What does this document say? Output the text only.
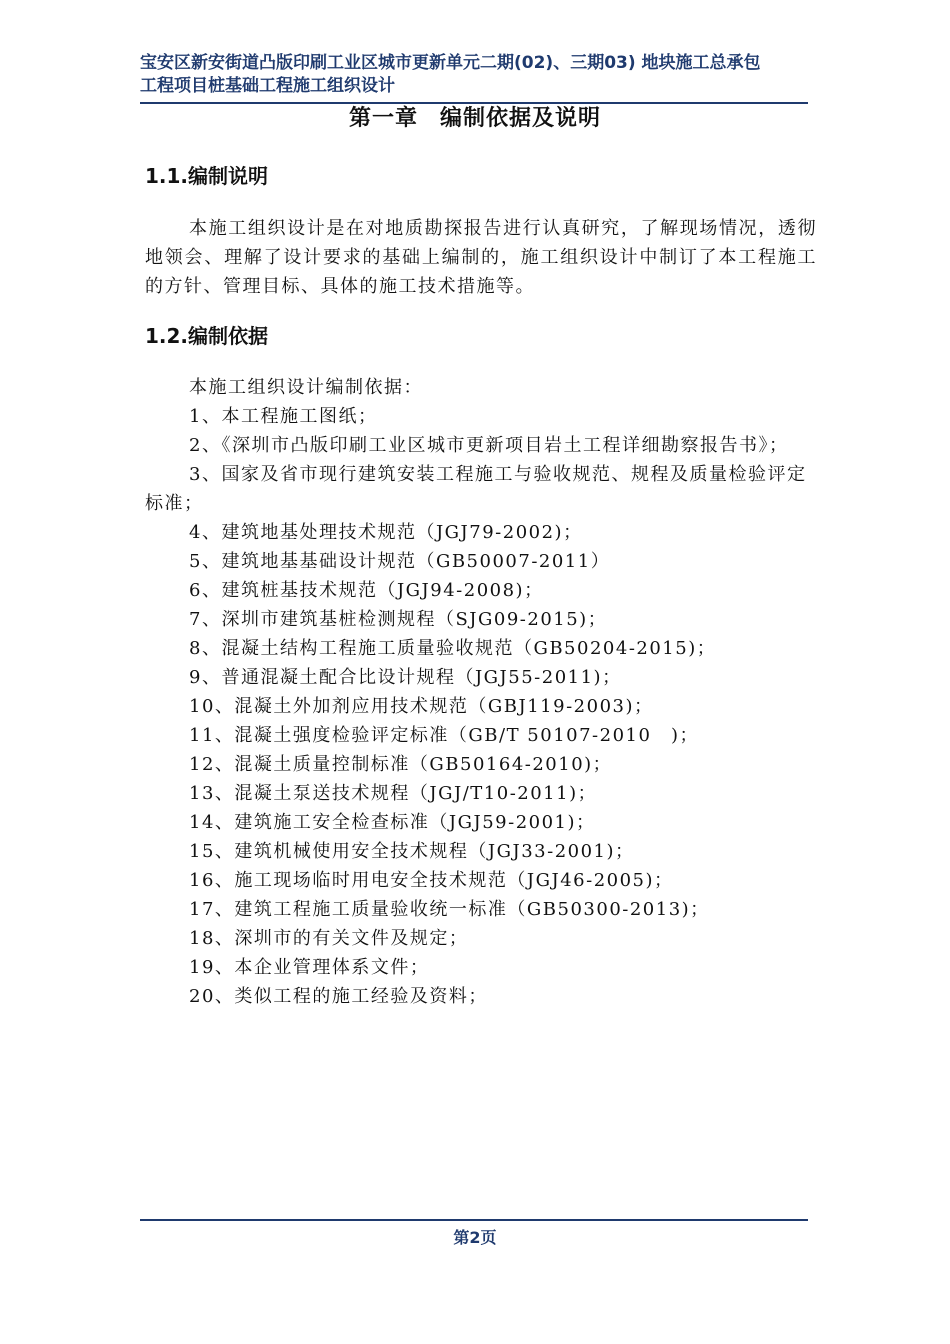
宝安区新安街道凸版印刷工业区城市更新单元二期(02)、三期03) 地块施工总承包
工程项目桩基础工程施工组织设计
第一章 编制依据及说明
1.1.编制说明

本施工组织设计是在对地质勘探报告进行认真研究，了解现场情况，透彻地领会、理解了设计要求的基础上编制的，施工组织设计中制订了本工程施工的方针、管理目标、具体的施工技术措施等。

1.2.编制依据
本施工组织设计编制依据：
1、本工程施工图纸；
2、《深圳市凸版印刷工业区城市更新项目岩土工程详细勘察报告书》；
3、国家及省市现行建筑安装工程施工与验收规范、规程及质量检验评定标准；
4、建筑地基处理技术规范（JGJ79-2002)；
5、建筑地基基础设计规范（GB50007-2011）
6、建筑桩基技术规范（JGJ94-2008)；
7、深圳市建筑基桩检测规程（SJG09-2015)；
8、混凝土结构工程施工质量验收规范（GB50204-2015)；
9、普通混凝土配合比设计规程（JGJ55-2011)；
10、混凝土外加剂应用技术规范（GBJ119-2003)；
11、混凝土强度检验评定标准（GB/T 50107-2010　)；
12、混凝土质量控制标准（GB50164-2010)；
13、混凝土泵送技术规程（JGJ/T10-2011)；
14、建筑施工安全检查标准（JGJ59-2001)；
15、建筑机械使用安全技术规程（JGJ33-2001)；
16、施工现场临时用电安全技术规范（JGJ46-2005)；
17、建筑工程施工质量验收统一标准（GB50300-2013)；
18、深圳市的有关文件及规定；
19、本企业管理体系文件；
20、类似工程的施工经验及资料；
第2页
